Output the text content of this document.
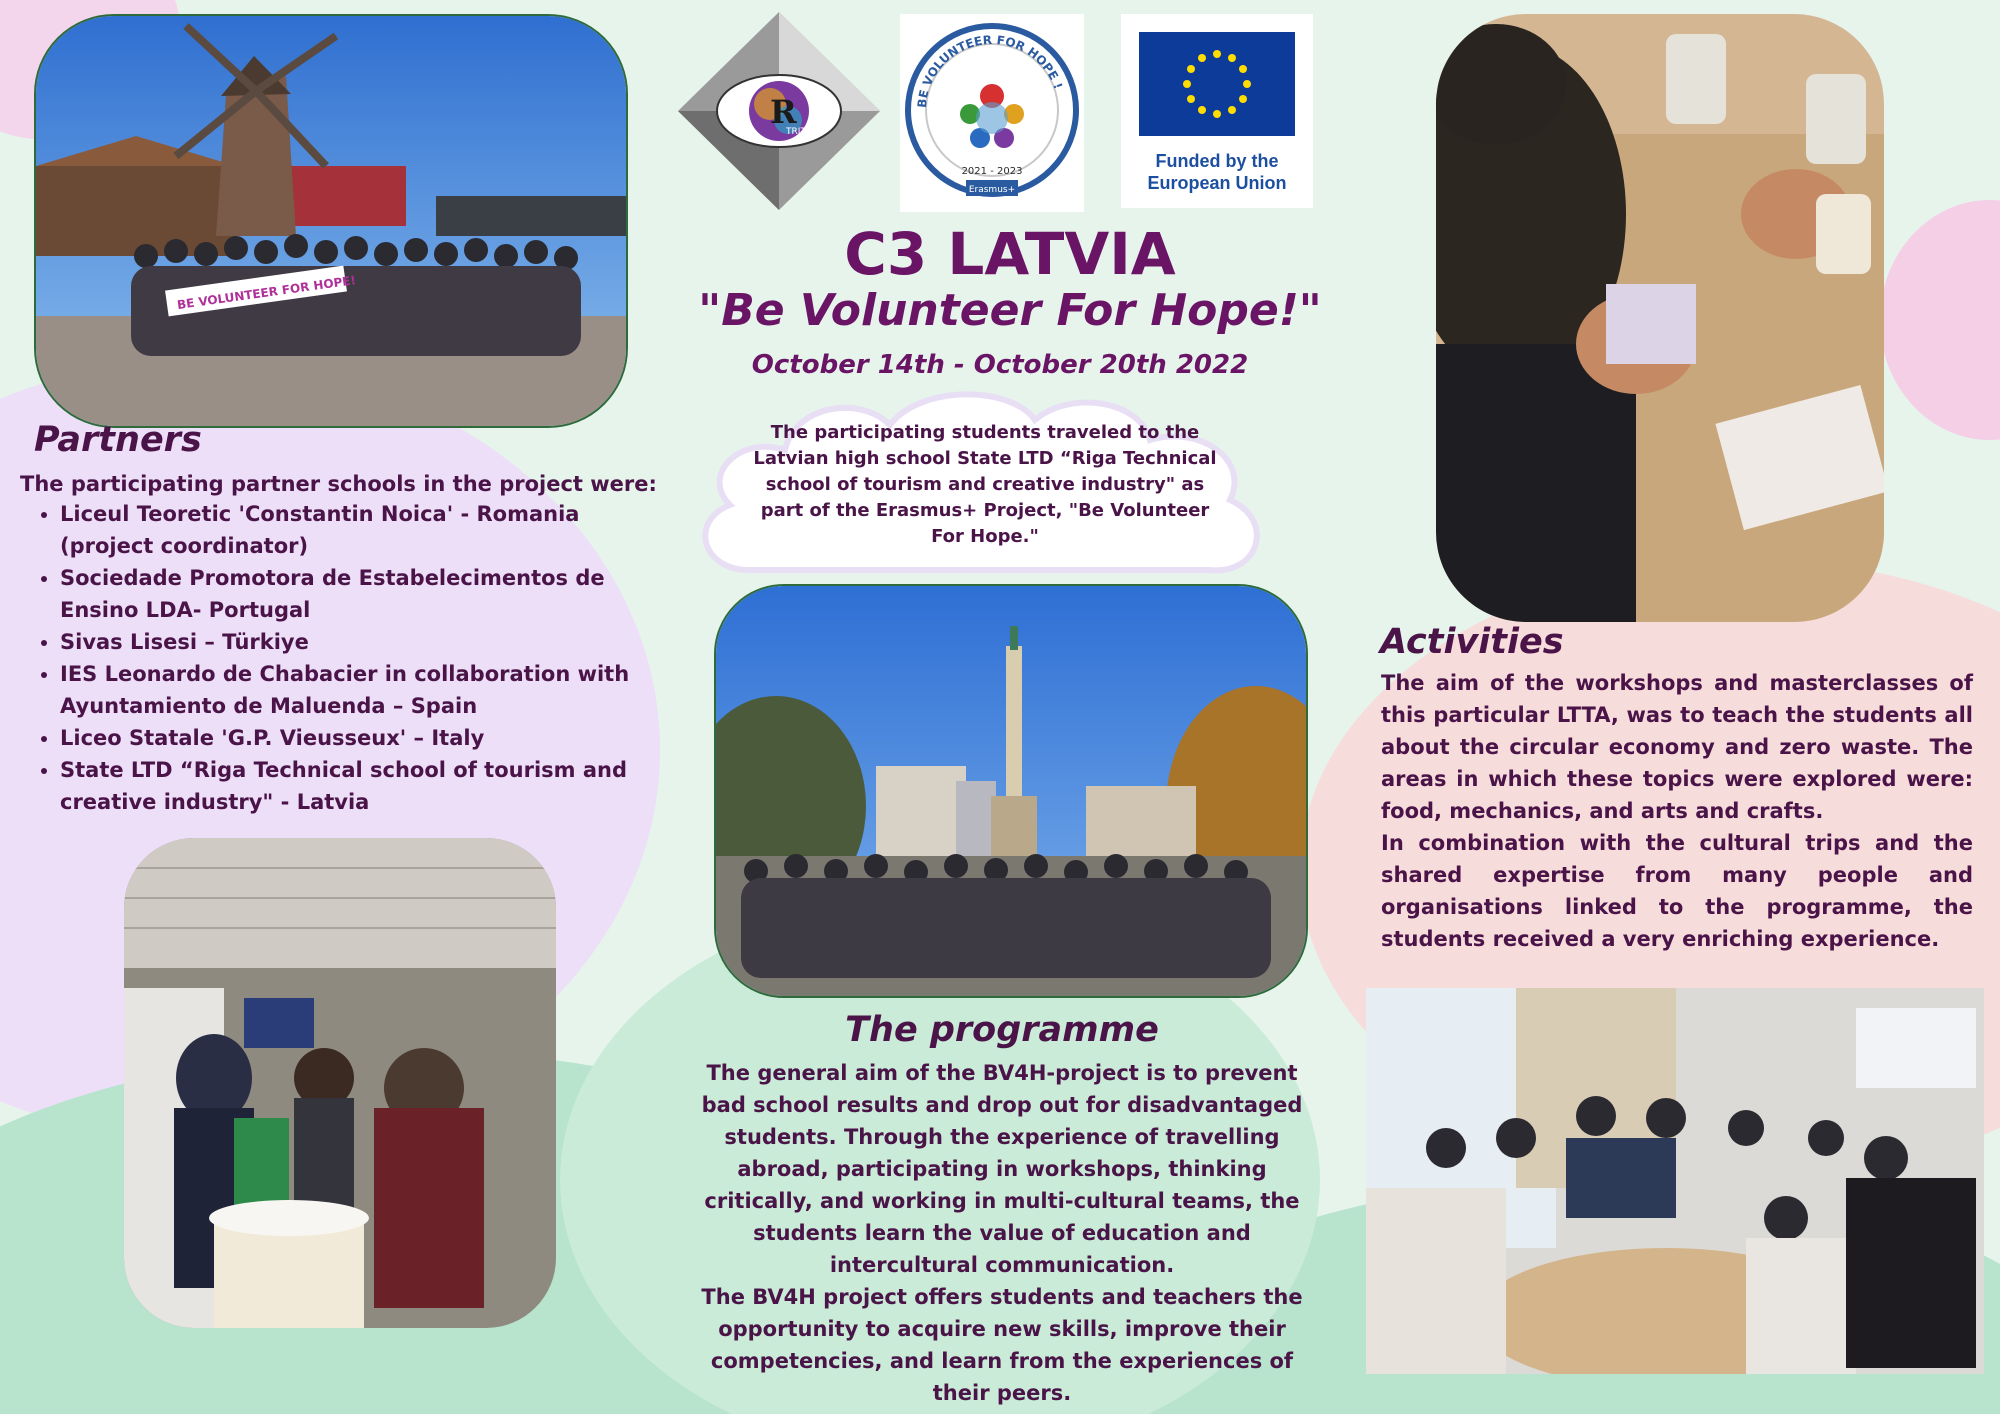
BE VOLUNTEER FOR HOPE!
R
TRIT
BE VOLUNTEER FOR HOPE !
2021 - 2023
Erasmus+
Funded by the
European Union
C3 LATVIA
"Be Volunteer For Hope!"
October 14th - October 20th 2022
The participating students traveled to the Latvian high school State LTD “Riga Technical school of tourism and creative industry" as part of the Erasmus+ Project, "Be Volunteer For Hope."
Partners
The participating partner schools in the project were:
• Liceul Teoretic 'Constantin Noica' - Romania (project coordinator)
• Sociedade Promotora de Estabelecimentos de Ensino LDA- Portugal
• Sivas Lisesi – Türkiye
• IES Leonardo de Chabacier in collaboration with Ayuntamiento de Maluenda – Spain
• Liceo Statale 'G.P. Vieusseux' – Italy
• State LTD “Riga Technical school of tourism and creative industry" - Latvia
Activities

The aim of the workshops and masterclasses of this particular LTTA, was to teach the students all about the circular economy and zero waste. The areas in which these topics were explored were: food, mechanics, and arts and crafts.

In combination with the cultural trips and the shared expertise from many people and organisations linked to the programme, the students received a very enriching experience.

The programme

The general aim of the BV4H-project is to prevent bad school results and drop out for disadvantaged students. Through the experience of travelling abroad, participating in workshops, thinking critically, and working in multi-cultural teams, the students learn the value of education and intercultural communication.

The BV4H project offers students and teachers the opportunity to acquire new skills, improve their competencies, and learn from the experiences of their peers.
